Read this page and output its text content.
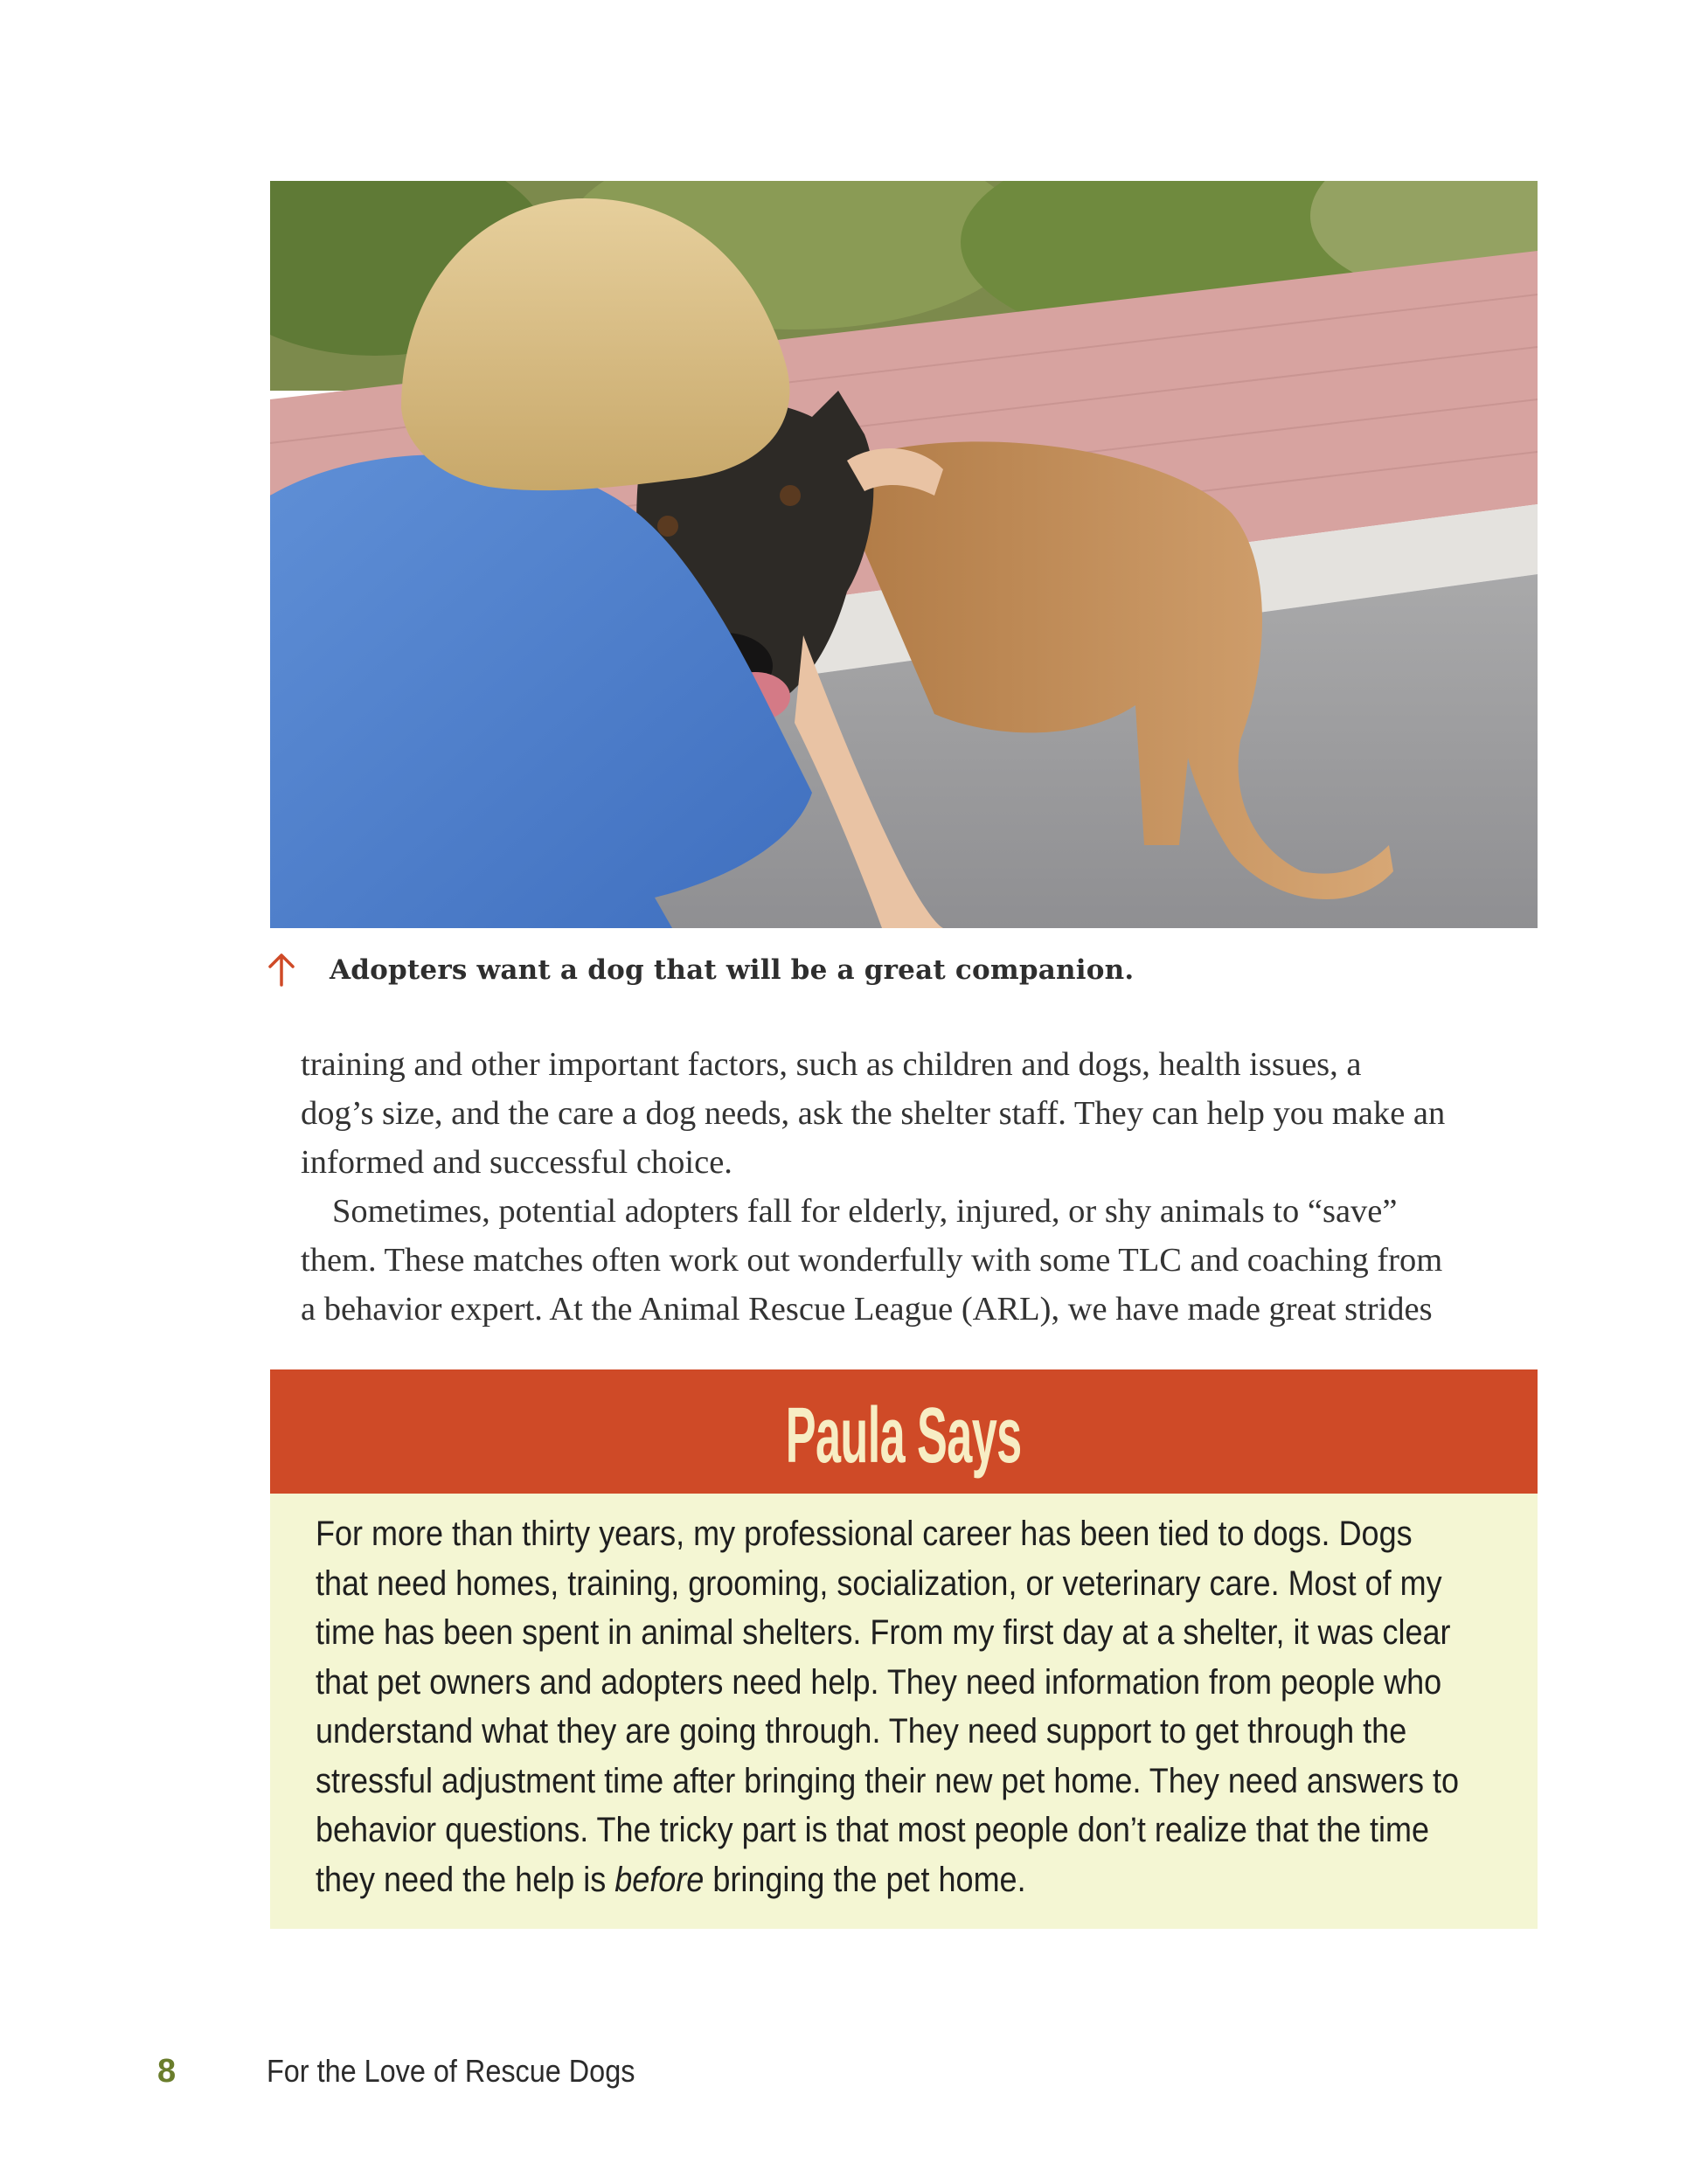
Adopters want a dog that will be a great companion.
training and other important factors, such as children and dogs, health issues, a
dog’s size, and the care a dog needs, ask the shelter staff. They can help you make an
informed and successful choice.
Sometimes, potential adopters fall for elderly, injured, or shy animals to “save”
them. These matches often work out wonderfully with some TLC and coaching from
a behavior expert. At the Animal Rescue League (ARL), we have made great strides
Paula Says
For more than thirty years, my professional career has been tied to dogs. Dogs
that need homes, training, grooming, socialization, or veterinary care. Most of my
time has been spent in animal shelters. From my first day at a shelter, it was clear
that pet owners and adopters need help. They need information from people who
understand what they are going through. They need support to get through the
stressful adjustment time after bringing their new pet home. They need answers to
behavior questions. The tricky part is that most people don’t realize that the time
they need the help is before bringing the pet home.
8	For the Love of Rescue Dogs
